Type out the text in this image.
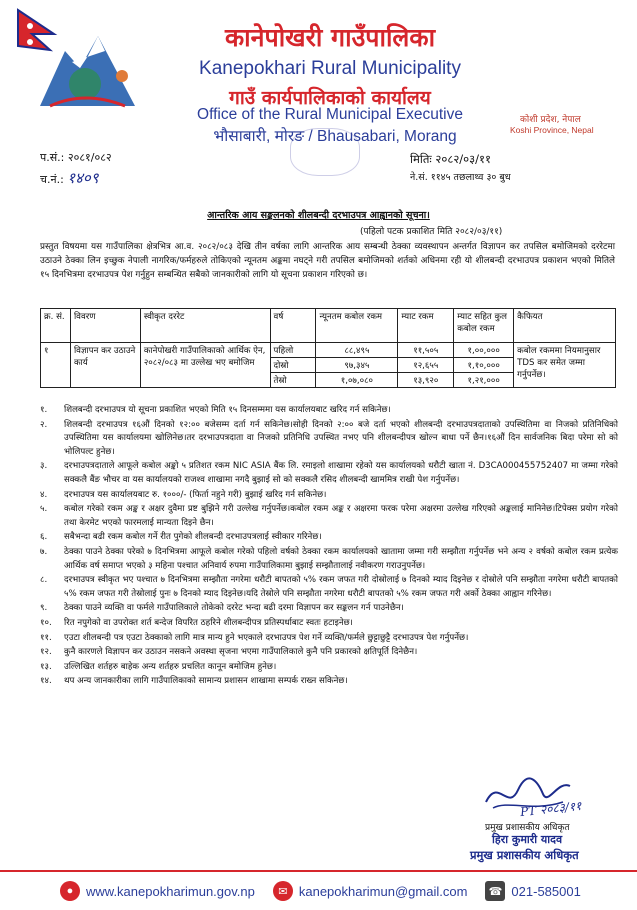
कानेपोखरी गाउँपालिका
Kanepokhari Rural Municipality
गाउँ कार्यपालिकाको कार्यालय
Office of the Rural Municipal Executive
भौसाबारी, मोरङ / Bhausabari, Morang
कोशी प्रदेश, नेपाल
Koshi Province, Nepal
प.सं.: २०८१/०८२
च.नं.: १४०९
मितिः २०८२/०३/११
ने.सं. ११४५ तछलाथ्व ३० बुध
आन्तरिक आय सङ्कलनको शीलबन्दी दरभाउपत्र आह्वानको सूचना।
(पहिलो पटक प्रकाशित मिति २०८२/०३/११)

प्रस्तुत विषयमा यस गाउँपालिका क्षेत्रभित्र आ.व. २०८२/०८३ देखि तीन वर्षका लागि आन्तरिक आय सम्बन्धी ठेक्का व्यवस्थापन अन्तर्गत विज्ञापन कर तपसिल बमोजिमको दररेटमा उठाउने ठेक्का लिन इच्छुक नेपाली नागरिक/फर्महरुले तोकिएको न्यूनतम अङ्कमा नघट्ने गरी तपसिल बमोजिमको शर्तको अधिनमा रही यो शीलबन्दी दरभाउपत्र प्रकाशन भएको मितिले १५ दिनभित्रमा दरभाउपत्र पेश गर्नुहुन सम्बन्धित सबैको जानकारीको लागि यो सूचना प्रकाशन गरिएको छ।

क्र. सं.	विवरण	स्वीकृत दररेट	वर्ष	न्यूनतम कबोल रकम	म्याट रकम	म्याट सहित कुल कबोल रकम	कैफियत
१	विज्ञापन कर उठाउने कार्य	कानेपोखरी गाउँपालिकाको आर्थिक ऐन, २०८२/०८३ मा उल्लेख भए बमोजिम	पहिलो	८८,४९५	११,५०५	१,००,०००	कबोल रकममा नियमानुसार TDS कर समेत जम्मा गर्नुपर्नेछ।
			दोस्रो	९७,३४५	१२,६५५	१,१०,०००	
			तेस्रो	१,०७,०८०	१३,९२०	१,२१,०००	
१.	शिलबन्दी दरभाउपत्र यो सूचना प्रकाशित भएको मिति १५ दिनसम्ममा यस कार्यालयबाट खरिद गर्न सकिनेछ।
२.	शिलबन्दी दरभाउपत्र १६औं दिनको १२:०० बजेसम्म दर्ता गर्न सकिनेछ।सोही दिनको २:०० बजे दर्ता भएको शीलबन्दी दरभाउपत्रदाताको उपस्थितिमा वा निजको प्रतिनिधिको उपस्थितिमा यस कार्यालयमा खोलिनेछ।तर दरभाउपत्रदाता वा निजको प्रतिनिधि उपस्थित नभए पनि शीलबन्दीपत्र खोल्न बाधा पर्ने छैन।१६औं दिन सार्वजनिक बिदा परेमा सो को भोलिपल्ट हुनेछ।
३.	दरभाउपत्रदाताले आफूले कबोल अङ्को ५ प्रतिशत रकम NIC ASIA बैंक लि. रमाइलो शाखामा रहेको यस कार्यालयको धरौटी खाता नं. D3CA000455752407 मा जम्मा गरेको सक्कलै बैंङ भौचर वा यस कार्यालयको राजश्व शाखामा नगदै बुझाई सो को सक्कलै रसिद शीलबन्दी खाममित्र राखी पेश गर्नुपर्नेछ।
४.	दरभाउपत्र यस कार्यालयबाट रु. १०००/- (फिर्ता नहुने गरी) बुझाई खरिद गर्न सकिनेछ।
५.	कबोल गरेको रकम अङ्क र अक्षर दुवैमा प्रष्ट बुझिने गरी उल्लेख गर्नुपर्नेछ।कबोल रकम अङ्क र अक्षरमा फरक परेमा अक्षरमा उल्लेख गरिएको अङ्कलाई मानिनेछ।टिपेक्स प्रयोग गरेको तथा केरमेट भएको फारमलाई मान्यता दिइने छैन।
६.	सबैभन्दा बढी रकम कबोल गर्ने रीत पुगेको शीलबन्दी दरभाउपत्रलाई स्वीकार गरिनेछ।
७.	ठेक्का पाउने ठेक्का परेको ७ दिनभित्रमा आफूले कबोल गरेको पहिलो वर्षको ठेक्का रकम कार्यालयको खातामा जम्मा गरी सम्झौता गर्नुपर्नेछ भने अन्य २ वर्षको कबोल रकम प्रत्येक आर्थिक वर्ष समाप्त भएको ३ महिना पश्चात अनिवार्य रुपमा गाउँपालिकामा बुझाई सम्झौतालाई नवीकरण गराउनुपर्नेछ।
८.	दरभाउपत्र स्वीकृत भए पश्चात ७ दिनभित्रमा सम्झौता नगरेमा धरौटी बापतको ५% रकम जफत गरी दोस्रोलाई ७ दिनको म्याद दिइनेछ र दोस्रोले पनि सम्झौता नगरेमा धरौटी बापतको ५% रकम जफत गरी तेस्रोलाई पुनः ७ दिनको म्याद दिइनेछ।यदि तेस्रोले पनि सम्झौता नगरेमा धरौटी बापतको ५% रकम जफत गरी अर्को ठेक्का आह्वान गरिनेछ।
९.	ठेक्का पाउने व्यक्ति वा फर्मले गाउँपालिकाले तोकेको दररेट भन्दा बढी दरमा विज्ञापन कर सङ्कलन गर्न पाउनेछैन।
१०.	रित नपुगेको वा उपरोक्त शर्त बन्देज विपरित ठहरिने शीलबन्दीपत्र प्रतिस्पर्धाबाट स्वतः हटाइनेछ।
११.	एउटा शीलबन्दी पत्र एउटा ठेक्काको लागि मात्र मान्य हुने भएकाले दरभाउपत्र पेश गर्ने व्यक्ति/फर्मले छुट्टाछुट्टै दरभाउपत्र पेश गर्नुपर्नेछ।
१२.	कुनै कारणले विज्ञापन कर उठाउन नसकने अवस्था सृजना भएमा गाउँपालिकाले कुनै पनि प्रकारको क्षतिपूर्ति दिनेछैन।
१३.	उल्लिखित शर्तहरु बाहेक अन्य शर्तहरु प्रचलित कानून बमोजिम हुनेछ।
१४.	थप अन्य जानकारीका लागि गाउँपालिकाको सामान्य प्रशासन शाखामा सम्पर्क राख्न सकिनेछ।
PT २०८३/११
प्रमुख प्रशासकीय अधिकृत
हिरा कुमारी यादव
प्रमुख प्रशासकीय अधिकृत
● www.kanepokharimun.gov.np	✉ kanepokharimun@gmail.com ☎ 021-585001
